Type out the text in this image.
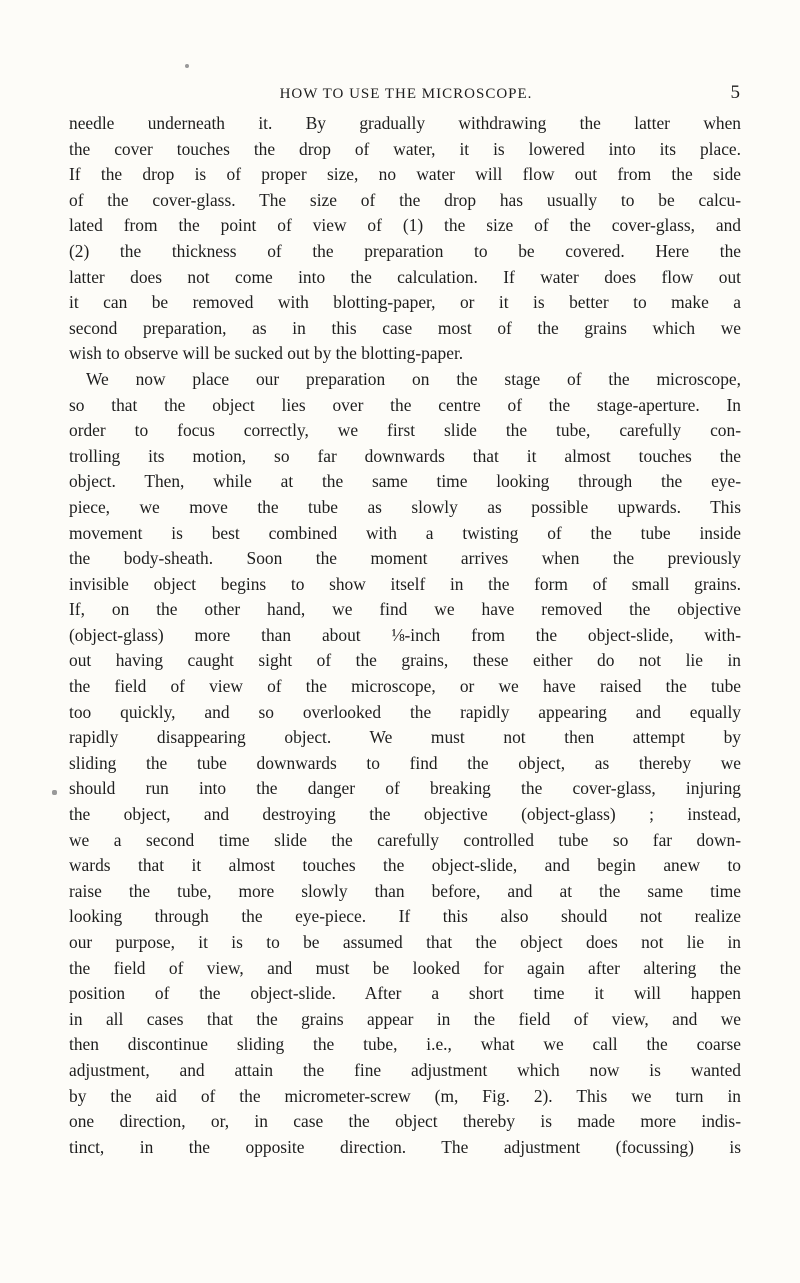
HOW TO USE THE MICROSCOPE.	5
needle underneath it. By gradually withdrawing the latter when
the cover touches the drop of water, it is lowered into its place.
If the drop is of proper size, no water will flow out from the side
of the cover-glass. The size of the drop has usually to be calcu-
lated from the point of view of (1) the size of the cover-glass, and
(2) the thickness of the preparation to be covered. Here the
latter does not come into the calculation. If water does flow out
it can be removed with blotting-paper, or it is better to make a
second preparation, as in this case most of the grains which we
wish to observe will be sucked out by the blotting-paper.
We now place our preparation on the stage of the microscope,
so that the object lies over the centre of the stage-aperture. In
order to focus correctly, we first slide the tube, carefully con-
trolling its motion, so far downwards that it almost touches the
object. Then, while at the same time looking through the eye-
piece, we move the tube as slowly as possible upwards. This
movement is best combined with a twisting of the tube inside
the body-sheath. Soon the moment arrives when the previously
invisible object begins to show itself in the form of small grains.
If, on the other hand, we find we have removed the objective
(object-glass) more than about ⅛-inch from the object-slide, with-
out having caught sight of the grains, these either do not lie in
the field of view of the microscope, or we have raised the tube
too quickly, and so overlooked the rapidly appearing and equally
rapidly disappearing object. We must not then attempt by
sliding the tube downwards to find the object, as thereby we
should run into the danger of breaking the cover-glass, injuring
the object, and destroying the objective (object-glass) ; instead,
we a second time slide the carefully controlled tube so far down-
wards that it almost touches the object-slide, and begin anew to
raise the tube, more slowly than before, and at the same time
looking through the eye-piece. If this also should not realize
our purpose, it is to be assumed that the object does not lie in
the field of view, and must be looked for again after altering the
position of the object-slide. After a short time it will happen
in all cases that the grains appear in the field of view, and we
then discontinue sliding the tube, i.e., what we call the coarse
adjustment, and attain the fine adjustment which now is wanted
by the aid of the micrometer-screw (m, Fig. 2). This we turn in
one direction, or, in case the object thereby is made more indis-
tinct, in the opposite direction. The adjustment (focussing) is
